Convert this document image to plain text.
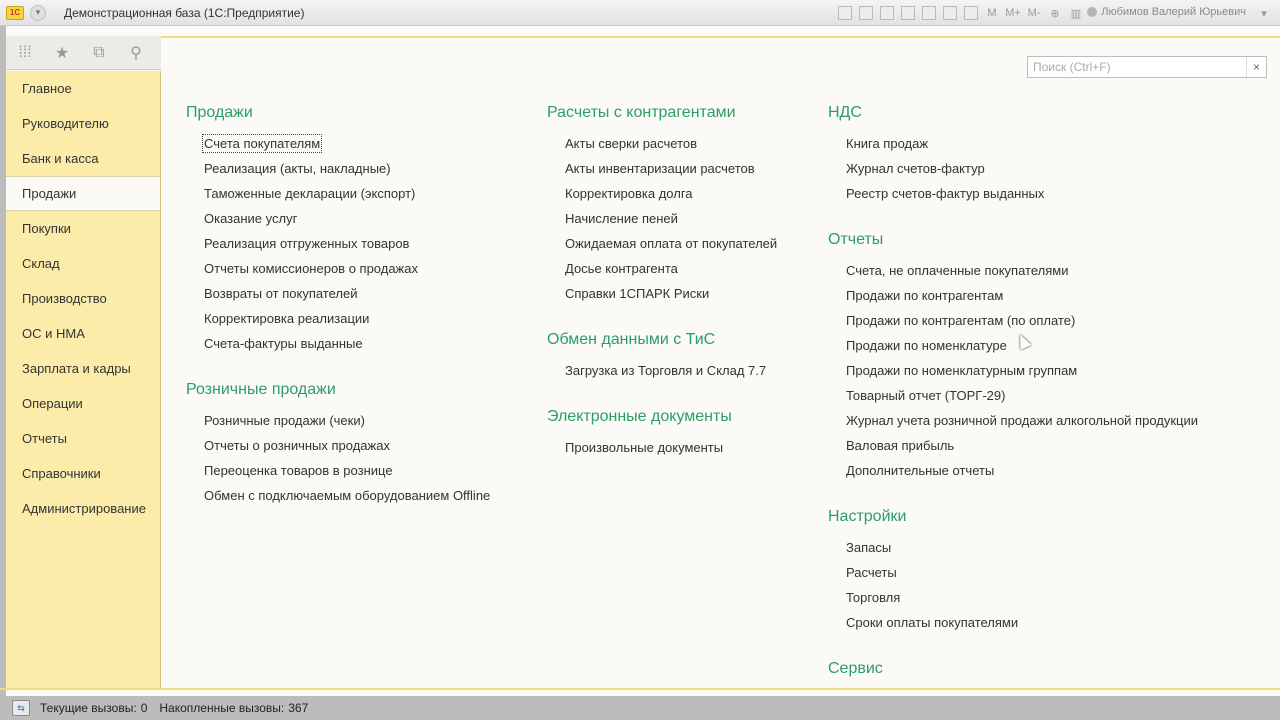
1С	▾	Демонстрационная база (1С:Предприятие)	M M+ M- ⊕	▥	Любимов Валерий Юрьевич	▾
⁞⁞⁞ ★ ⧉ ⚲
Главное
Руководителю
Банк и касса
Продажи
Покупки
Склад
Производство
ОС и НМА
Зарплата и кадры
Операции
Отчеты
Справочники
Администрирование
Поиск (Ctrl+F)
×
Продажи
Счета покупателям
Реализация (акты, накладные)
Таможенные декларации (экспорт)
Оказание услуг
Реализация отгруженных товаров
Отчеты комиссионеров о продажах
Возвраты от покупателей
Корректировка реализации
Счета-фактуры выданные
Розничные продажи
Розничные продажи (чеки)
Отчеты о розничных продажах
Переоценка товаров в рознице
Обмен с подключаемым оборудованием Offline
Расчеты с контрагентами
Акты сверки расчетов
Акты инвентаризации расчетов
Корректировка долга
Начисление пеней
Ожидаемая оплата от покупателей
Досье контрагента
Справки 1СПАРК Риски
Обмен данными с ТиС
Загрузка из Торговля и Склад 7.7
Электронные документы
Произвольные документы
НДС
Книга продаж
Журнал счетов-фактур
Реестр счетов-фактур выданных
Отчеты
Счета, не оплаченные покупателями
Продажи по контрагентам
Продажи по контрагентам (по оплате)
Продажи по номенклатуре
Продажи по номенклатурным группам
Товарный отчет (ТОРГ-29)
Журнал учета розничной продажи алкогольной продукции
Валовая прибыль
Дополнительные отчеты
Настройки
Запасы
Расчеты
Торговля
Сроки оплаты покупателями
Сервис
⇆	Текущие вызовы: 0 Накопленные вызовы: 367
